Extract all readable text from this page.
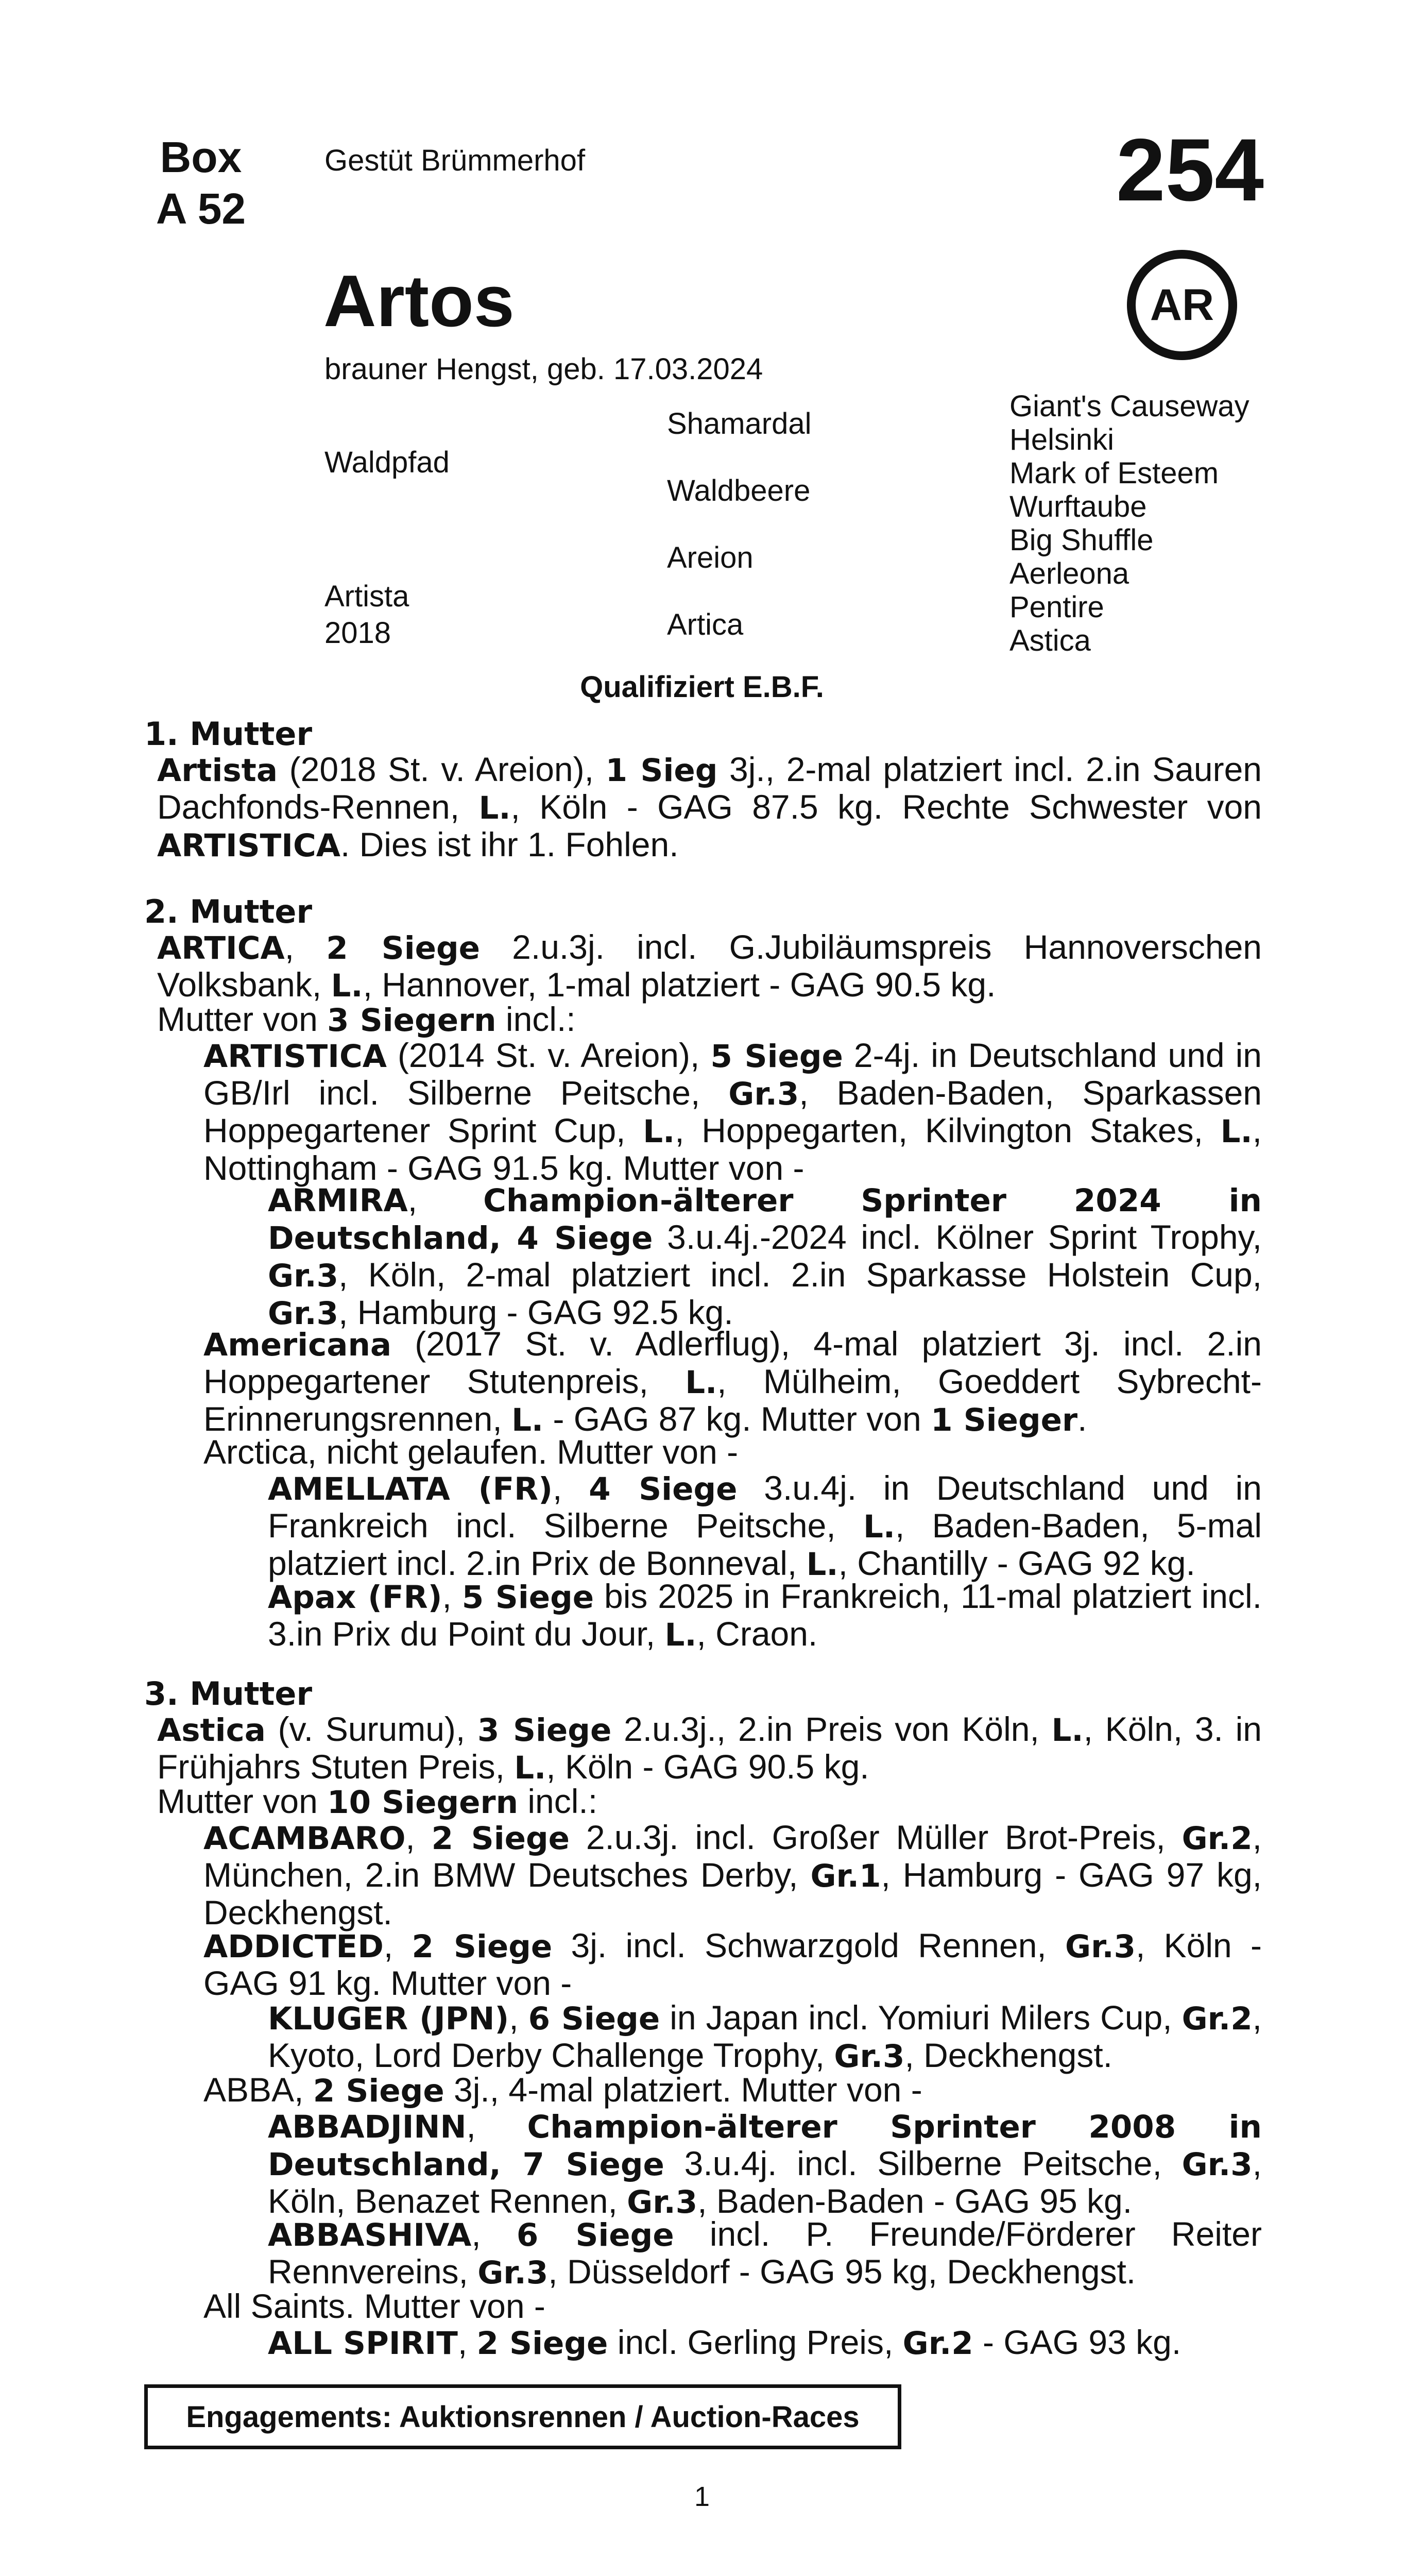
Box
A 52
Gestüt Brümmerhof	254
AR
Artos
brauner Hengst, geb. 17.03.2024
Waldpfad
Artista
2018
Shamardal
Waldbeere
Areion
Artica
Giant's Causeway
Helsinki
Mark of Esteem
Wurftaube
Big Shuffle
Aerleona
Pentire
Astica
Qualifiziert E.B.F.
1. Mutter
Artista (2018 St. v. Areion), 1 Sieg 3j., 2-mal platziert incl. 2.in Sauren Dachfonds-Rennen, L., Köln - GAG 87.5 kg. Rechte Schwester von ARTISTICA. Dies ist ihr 1. Fohlen.
2. Mutter
ARTICA, 2 Siege 2.u.3j. incl. G.Jubiläumspreis Hannoverschen Volksbank, L., Hannover, 1-mal platziert - GAG 90.5 kg.
Mutter von 3 Siegern incl.:
ARTISTICA (2014 St. v. Areion), 5 Siege 2-4j. in Deutschland und in GB/Irl incl. Silberne Peitsche, Gr.3, Baden-Baden, Sparkassen Hoppegartener Sprint Cup, L., Hoppegarten, Kilvington Stakes, L., Nottingham - GAG 91.5 kg. Mutter von -
ARMIRA, Champion-älterer Sprinter 2024 in Deutschland, 4 Siege 3.u.4j.-2024 incl. Kölner Sprint Trophy, Gr.3, Köln, 2-mal platziert incl. 2.in Sparkasse Holstein Cup, Gr.3, Hamburg - GAG 92.5 kg.
Americana (2017 St. v. Adlerflug), 4-mal platziert 3j. incl. 2.in Hoppegartener Stutenpreis, L., Mülheim, Goeddert Sybrecht-Erinnerungsrennen, L. - GAG 87 kg. Mutter von 1 Sieger.
Arctica, nicht gelaufen. Mutter von -
AMELLATA (FR), 4 Siege 3.u.4j. in Deutschland und in Frankreich incl. Silberne Peitsche, L., Baden-Baden, 5-mal platziert incl. 2.in Prix de Bonneval, L., Chantilly - GAG 92 kg.
Apax (FR), 5 Siege bis 2025 in Frankreich, 11-mal platziert incl. 3.in Prix du Point du Jour, L., Craon.
3. Mutter
Astica (v. Surumu), 3 Siege 2.u.3j., 2.in Preis von Köln, L., Köln, 3. in Frühjahrs Stuten Preis, L., Köln - GAG 90.5 kg.
Mutter von 10 Siegern incl.:
ACAMBARO, 2 Siege 2.u.3j. incl. Großer Müller Brot-Preis, Gr.2, München, 2.in BMW Deutsches Derby, Gr.1, Hamburg - GAG 97 kg, Deckhengst.
ADDICTED, 2 Siege 3j. incl. Schwarzgold Rennen, Gr.3, Köln - GAG 91 kg. Mutter von -
KLUGER (JPN), 6 Siege in Japan incl. Yomiuri Milers Cup, Gr.2, Kyoto, Lord Derby Challenge Trophy, Gr.3, Deckhengst.
ABBA, 2 Siege 3j., 4-mal platziert. Mutter von -
ABBADJINN, Champion-älterer Sprinter 2008 in Deutschland, 7 Siege 3.u.4j. incl. Silberne Peitsche, Gr.3, Köln, Benazet Rennen, Gr.3, Baden-Baden - GAG 95 kg.
ABBASHIVA, 6 Siege incl. P. Freunde/Förderer Reiter Rennvereins, Gr.3, Düsseldorf - GAG 95 kg, Deckhengst.
All Saints. Mutter von -
ALL SPIRIT, 2 Siege incl. Gerling Preis, Gr.2 - GAG 93 kg.
Engagements: Auktionsrennen / Auction-Races
1
